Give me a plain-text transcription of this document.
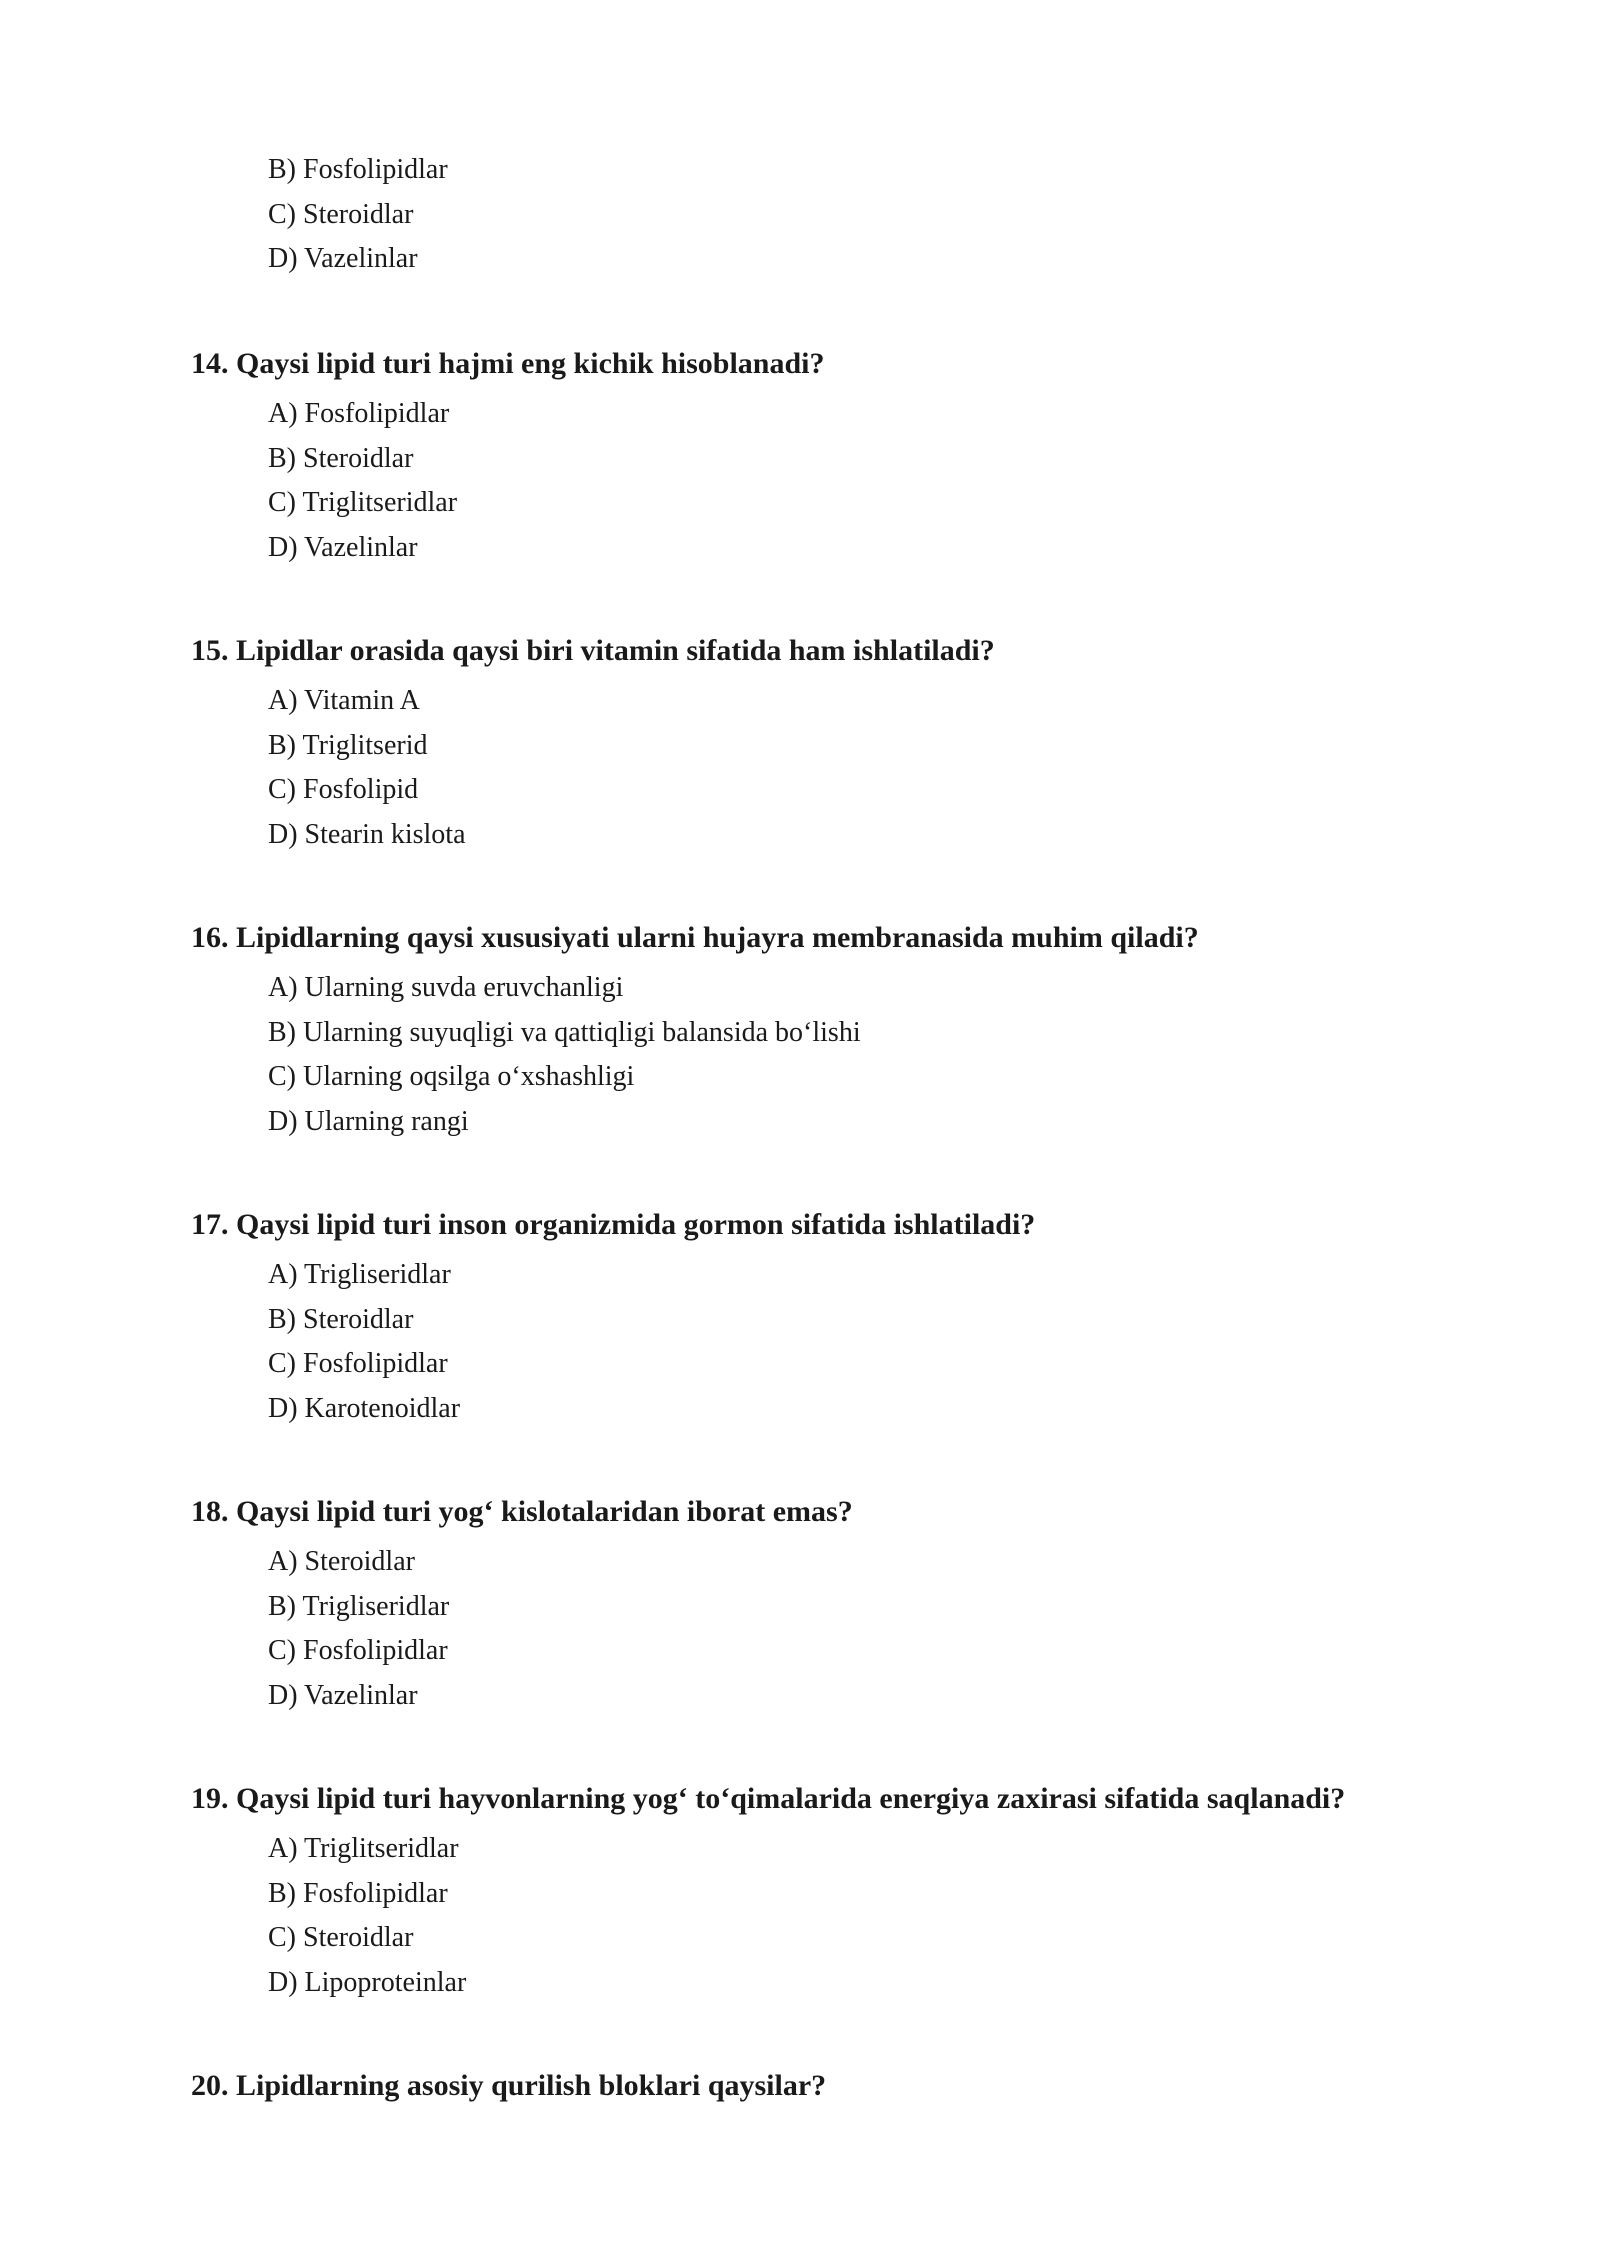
B) Fosfolipidlar
C) Steroidlar
D) Vazelinlar

14. Qaysi lipid turi hajmi eng kichik hisoblanadi?

A) Fosfolipidlar
B) Steroidlar
C) Triglitseridlar
D) Vazelinlar

15. Lipidlar orasida qaysi biri vitamin sifatida ham ishlatiladi?

A) Vitamin A
B) Triglitserid
C) Fosfolipid
D) Stearin kislota

16. Lipidlarning qaysi xususiyati ularni hujayra membranasida muhim qiladi?

A) Ularning suvda eruvchanligi
B) Ularning suyuqligi va qattiqligi balansida bo‘lishi
C) Ularning oqsilga o‘xshashligi
D) Ularning rangi

17. Qaysi lipid turi inson organizmida gormon sifatida ishlatiladi?

A) Trigliseridlar
B) Steroidlar
C) Fosfolipidlar
D) Karotenoidlar

18. Qaysi lipid turi yog‘ kislotalaridan iborat emas?

A) Steroidlar
B) Trigliseridlar
C) Fosfolipidlar
D) Vazelinlar

19. Qaysi lipid turi hayvonlarning yog‘ to‘qimalarida energiya zaxirasi sifatida saqlanadi?

A) Triglitseridlar
B) Fosfolipidlar
C) Steroidlar
D) Lipoproteinlar

20. Lipidlarning asosiy qurilish bloklari qaysilar?
